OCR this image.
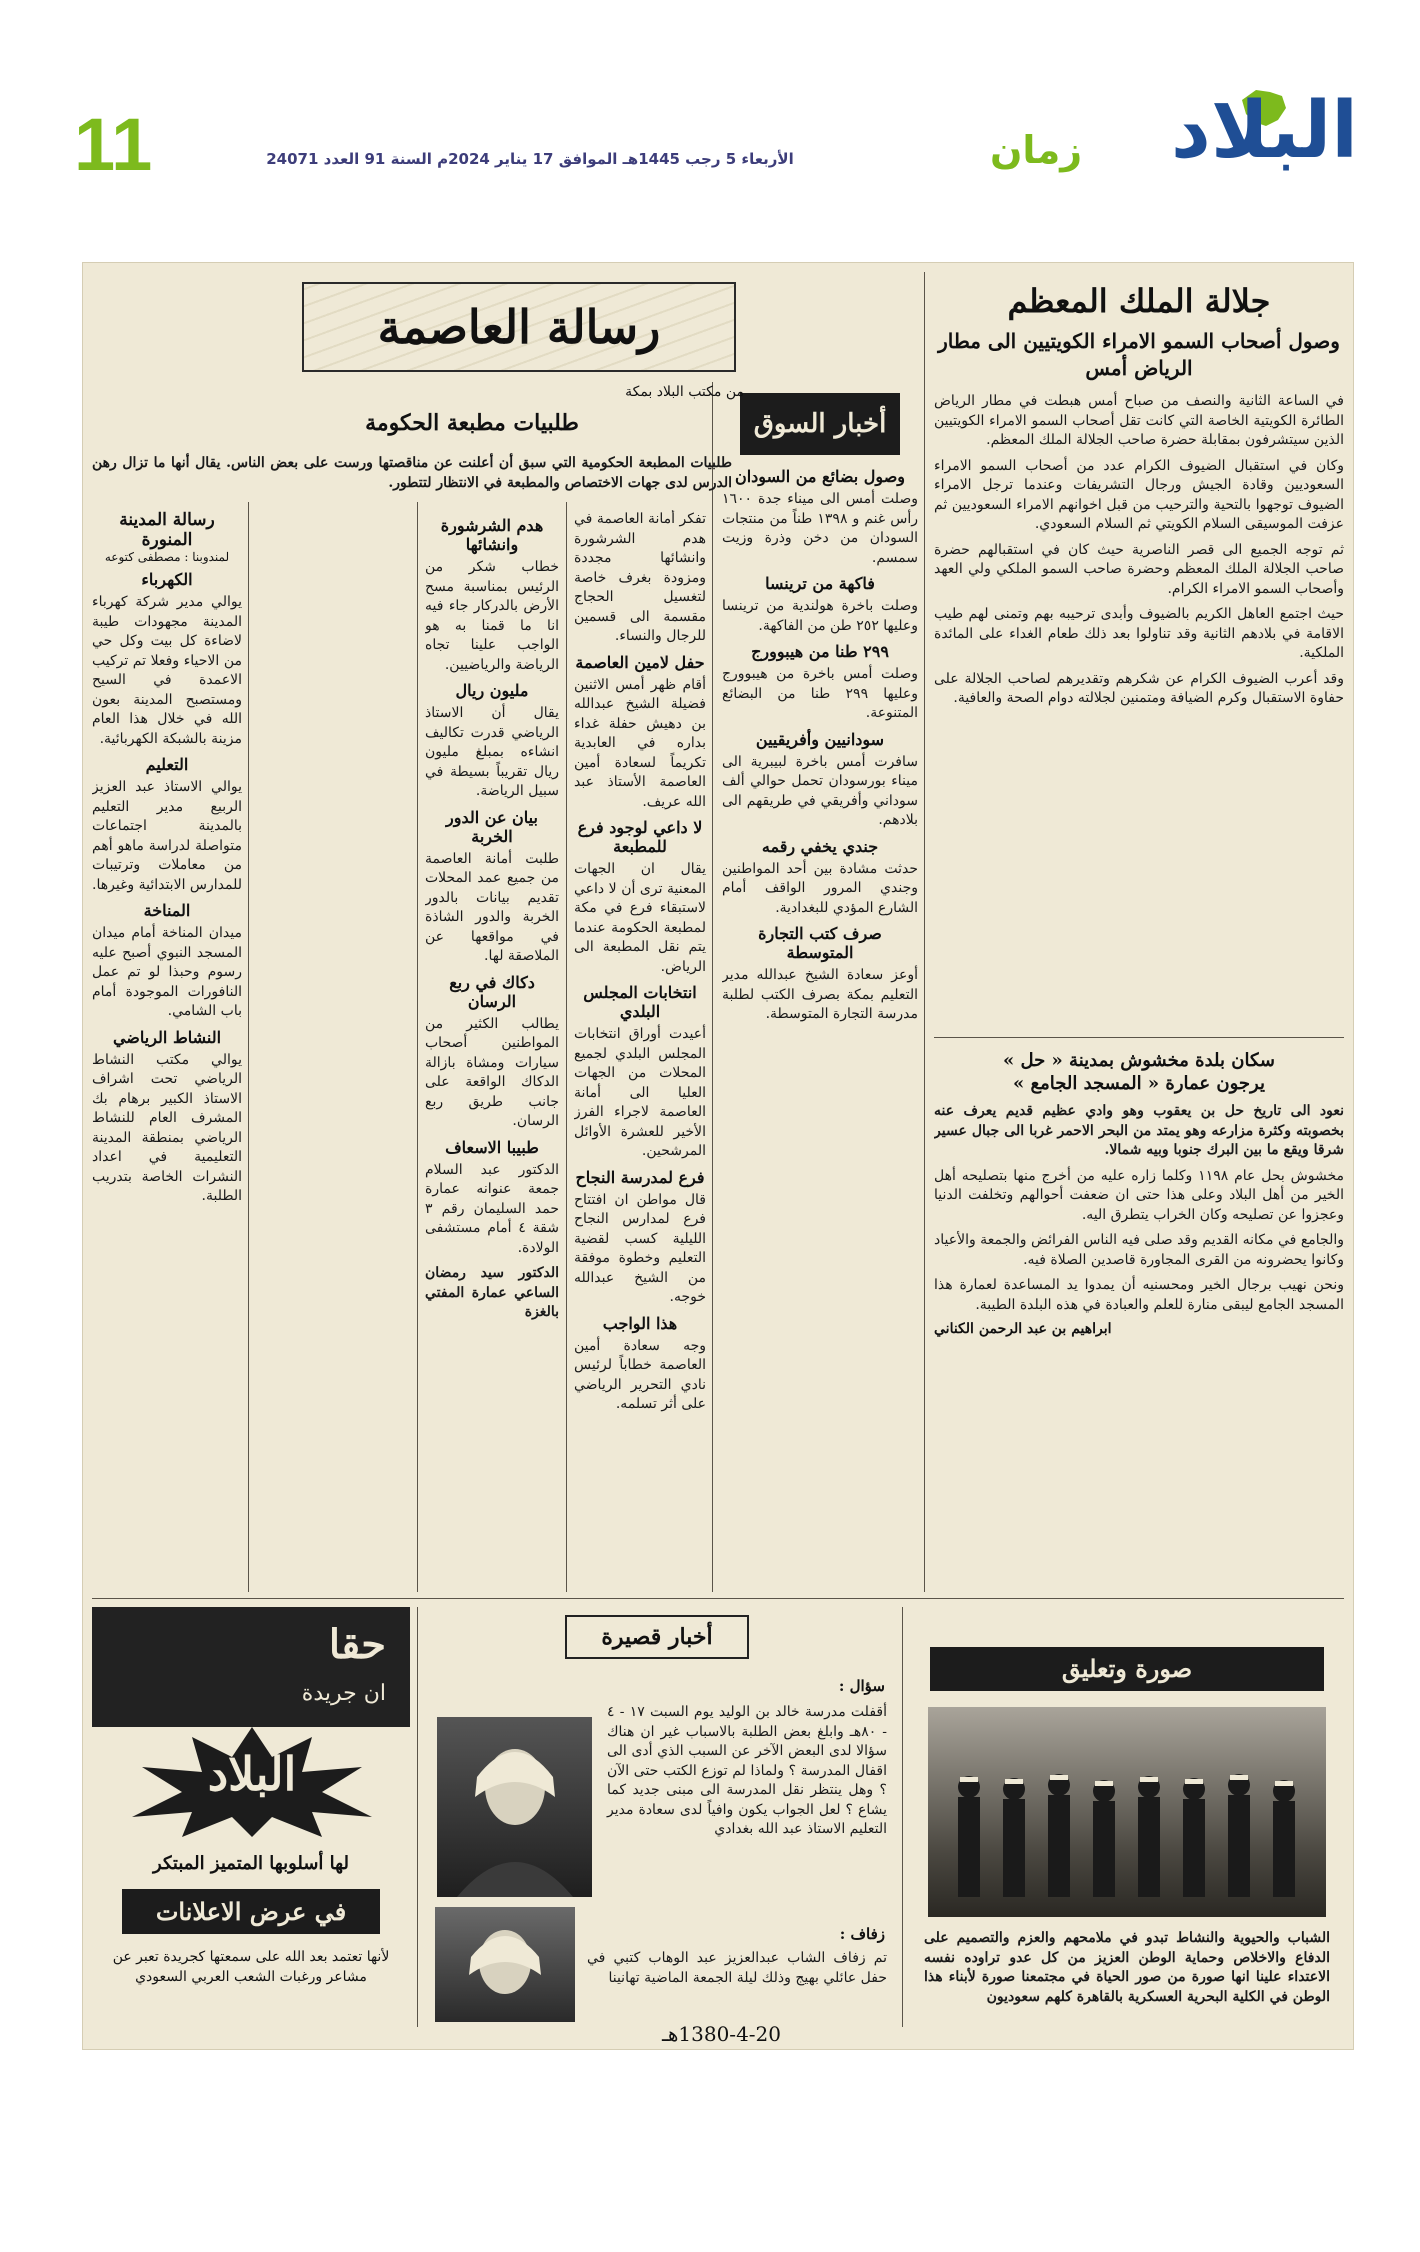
11	الأربعاء 5 رجب 1445هـ الموافق 17 يناير 2024م السنة 91 العدد 24071	زمان البلاد
جلالة الملك المعظم
وصول أصحاب السمو الامراء الكويتيين الى مطار الرياض أمس

في الساعة الثانية والنصف من صباح أمس هبطت في مطار الرياض الطائرة الكويتية الخاصة التي كانت تقل أصحاب السمو الامراء الكويتيين الذين سيتشرفون بمقابلة حضرة صاحب الجلالة الملك المعظم.

وكان في استقبال الضيوف الكرام عدد من أصحاب السمو الامراء السعوديين وقادة الجيش ورجال التشريفات وعندما ترجل الامراء الضيوف توجهوا بالتحية والترحيب من قبل اخوانهم الامراء السعوديين ثم عزفت الموسيقى السلام الكويتي ثم السلام السعودي.

ثم توجه الجميع الى قصر الناصرية حيث كان في استقبالهم حضرة صاحب الجلالة الملك المعظم وحضرة صاحب السمو الملكي ولي العهد وأصحاب السمو الامراء الكرام.

حيث اجتمع العاهل الكريم بالضيوف وأبدى ترحيبه بهم وتمنى لهم طيب الاقامة في بلادهم الثانية وقد تناولوا بعد ذلك طعام الغداء على المائدة الملكية.

وقد أعرب الضيوف الكرام عن شكرهم وتقديرهم لصاحب الجلالة على حفاوة الاستقبال وكرم الضيافة ومتمنين لجلالته دوام الصحة والعافية.

سكان بلدة مخشوش بمدينة « حل »
يرجون عمارة « المسجد الجامع »

نعود الى تاريخ حل بن يعقوب وهو وادي عظيم قديم يعرف عنه بخصوبته وكثرة مزارعه وهو يمتد من البحر الاحمر غربا الى جبال عسير شرقا ويقع ما بين البرك جنوبا وبيه شمالا.

مخشوش بحل عام ١١٩٨ وكلما زاره عليه من أخرج منها بتصليحه أهل الخير من أهل البلاد وعلى هذا حتى ان ضعفت أحوالهم وتخلفت الدنيا وعجزوا عن تصليحه وكان الخراب يتطرق اليه.

والجامع في مكانه القديم وقد صلى فيه الناس الفرائض والجمعة والأعياد وكانوا يحضرونه من القرى المجاورة قاصدين الصلاة فيه.

ونحن نهيب برجال الخير ومحسنيه أن يمدوا يد المساعدة لعمارة هذا المسجد الجامع ليبقى منارة للعلم والعبادة في هذه البلدة الطيبة.

ابراهيم بن عبد الرحمن الكناني
أخبار السوق
وصول بضائع من السودان

وصلت أمس الى ميناء جدة ١٦٠٠ رأس غنم و ١٣٩٨ طناً من منتجات السودان من دخن وذرة وزيت سمسم.

فاكهة من ترينسا

وصلت باخرة هولندية من ترينسا وعليها ٢٥٢ طن من الفاكهة.

٢٩٩ طنا من هيبوورج

وصلت أمس باخرة من هيبوورج وعليها ٢٩٩ طنا من البضائع المتنوعة.

سودانيين وأفريقيين

سافرت أمس باخرة لبيبرية الى ميناء بورسودان تحمل حوالي ألف سوداني وأفريقي في طريقهم الى بلادهم.

جندي يخفي رقمه

حدثت مشادة بين أحد المواطنين وجندي المرور الواقف أمام الشارع المؤدي للبغدادية.

صرف كتب التجارة المتوسطة

أوعز سعادة الشيخ عبدالله مدير التعليم بمكة بصرف الكتب لطلبة مدرسة التجارة المتوسطة.

رسالة العاصمة
من مكتب البلاد بمكة
طلبيات مطبعة الحكومة

طلبيات المطبعة الحكومية التي سبق أن أعلنت عن مناقصتها ورست على بعض الناس. يقال أنها ما تزال رهن الدرس لدى جهات الاختصاص والمطبعة في الانتظار لتتطور.

تفكر أمانة العاصمة في هدم الشرشورة وانشائها مجددة ومزودة بغرف خاصة لتغسيل الحجاج مقسمة الى قسمين للرجال والنساء.

حفل لامين العاصمة

أقام ظهر أمس الاثنين فضيلة الشيخ عبدالله بن دهيش حفلة غداء بداره في العابدية تكريماً لسعادة أمين العاصمة الأستاذ عبد الله عريف.

لا داعي لوجود فرع للمطبعة

يقال ان الجهات المعنية ترى أن لا داعي لاستبقاء فرع في مكة لمطبعة الحكومة عندما يتم نقل المطبعة الى الرياض.

انتخابات المجلس البلدي

أعيدت أوراق انتخابات المجلس البلدي لجميع المحلات من الجهات العليا الى أمانة العاصمة لاجراء الفرز الأخير للعشرة الأوائل المرشحين.

فرع لمدرسة النجاح

قال مواطن ان افتتاح فرع لمدارس النجاح الليلية كسب لقضية التعليم وخطوة موفقة من الشيخ عبدالله خوجه.

هذا الواجب

وجه سعادة أمين العاصمة خطاباً لرئيس نادي التحرير الرياضي على أثر تسلمه.

هدم الشرشورة وانشائها

خطاب شكر من الرئيس بمناسبة مسح الأرض بالدركار جاء فيه انا ما قمنا به هو الواجب علينا تجاه الرياضة والرياضيين.

مليون ريال

يقال أن الاستاذ الرياضي قدرت تكاليف انشاءه بمبلغ مليون ريال تقريباً بسيطة في سبيل الرياضة.

بيان عن الدور الخربة

طلبت أمانة العاصمة من جميع عمد المحلات تقديم بيانات بالدور الخربة والدور الشاذة في مواقعها عن الملاصقة لها.

دكاك في ربع الرسان

يطالب الكثير من المواطنين أصحاب سيارات ومشاة بازالة الدكاك الواقعة على جانب طريق ربع الرسان.

طبيبا الاسعاف

الدكتور عبد السلام جمعة عنوانه عمارة حمد السليمان رقم ٣ شقة ٤ أمام مستشفى الولادة.

الدكتور سيد رمضان الساعي عمارة المفتي بالغزة

رسالة المدينة المنورة
لمندوبنا : مصطفى كتوعه
الكهرباء

يوالي مدير شركة كهرباء المدينة مجهودات طيبة لاضاءة كل بيت وكل حي من الاحياء وفعلا تم تركيب الاعمدة في السيح ومستصبح المدينة بعون الله في خلال هذا العام مزينة بالشبكة الكهربائية.

التعليم

يوالي الاستاذ عبد العزيز الربيع مدير التعليم بالمدينة اجتماعات متواصلة لدراسة ماهو أهم من معاملات وترتيبات للمدارس الابتدائية وغيرها.

المناخة

ميدان المناخة أمام ميدان المسجد النبوي أصبح عليه رسوم وحبذا لو تم عمل النافورات الموجودة أمام باب الشامي.

النشاط الرياضي

يوالي مكتب النشاط الرياضي تحت اشراف الاستاذ الكبير برهام بك المشرف العام للنشاط الرياضي بمنطقة المدينة التعليمية في اعداد النشرات الخاصة بتدريب الطلبة.

حقا
ان جريدة
البلاد
لها أسلوبها المتميز المبتكر
في عرض الاعلانات
لأنها تعتمد بعد الله على سمعتها كجريدة تعبر عن مشاعر ورغبات الشعب العربي السعودي
أخبار قصيرة
سؤال :

أقفلت مدرسة خالد بن الوليد يوم السبت ١٧ - ٤ - ٨٠هـ وابلغ بعض الطلبة بالاسباب غير ان هناك سؤالا لدى البعض الآخر عن السبب الذي أدى الى اقفال المدرسة ؟ ولماذا لم توزع الكتب حتى الآن ؟ وهل ينتظر نقل المدرسة الى مبنى جديد كما يشاع ؟ لعل الجواب يكون وافياً لدى سعادة مدير التعليم الاستاذ عبد الله بغدادي

زفاف :

تم زفاف الشاب عبدالعزيز عبد الوهاب كتبي في حفل عائلي بهيج وذلك ليلة الجمعة الماضية تهانينا

صورة وتعليق

الشباب والحيوية والنشاط تبدو في ملامحهم والعزم والتصميم على الدفاع والاخلاص وحماية الوطن العزيز من كل عدو تراوده نفسه الاعتداء علينا انها صورة من صور الحياة في مجتمعنا صورة لأبناء هذا الوطن في الكلية البحرية العسكرية بالقاهرة كلهم سعوديون

1380-4-20هـ
